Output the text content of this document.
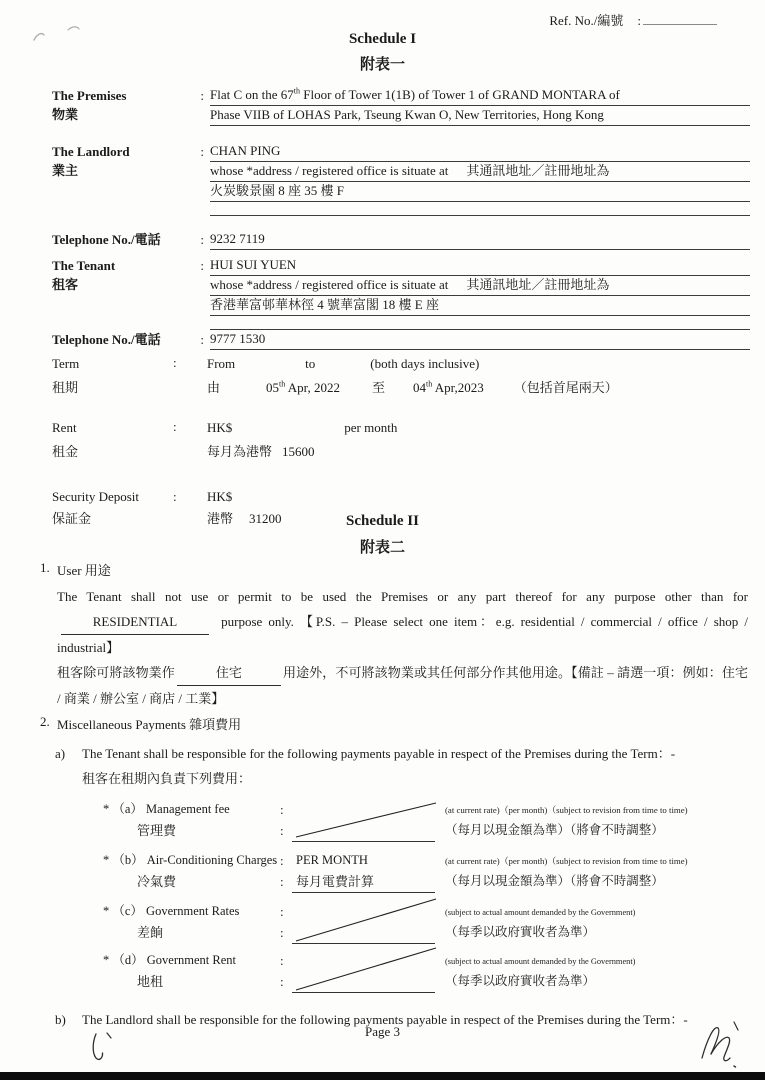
Ref. No./編號 :
Schedule I
附表一
The Premises
物業
: Flat C on the 67th Floor of Tower 1(1B) of Tower 1 of GRAND MONTARA of
Phase VIIB of LOHAS Park, Tseung Kwan O, New Territories, Hong Kong
The Landlord
業主
: CHAN PING
whose *address / registered office is situate at 其通訊地址／註冊地址為
火炭駿景園 8 座 35 樓 F
Telephone No./電話	: 9232 7119
The Tenant
租客
: HUI SUI YUEN
whose *address / registered office is situate at 其通訊地址／註冊地址為
香港華富邨華林徑 4 號華富閣 18 樓 E 座
Telephone No./電話	: 9777 1530
Term
租期
:	From	to	(both days inclusive)
由	05th Apr, 2022 至 04th Apr,2023 （包括首尾兩天）
Rent
租金
:	HK$	per month
每月為港幣 15600
Security Deposit
保証金
:	HK$
港幣 31200	Schedule II
附表二
1. User 用途
The Tenant shall not use or permit to be used the Premises or any part thereof for any purpose other than for RESIDENTIAL	purpose only. 【P.S. – Please select one item：e.g. residential / commercial / office / shop / industrial】
租客除可將該物業作	住宅	用途外，不可將該物業或其任何部分作其他用途。【備註 – 請選一項：例如：住宅 / 商業 / 辦公室 / 商店 / 工業】
2. Miscellaneous Payments 雜項費用
a)	The Tenant shall be responsible for the following payments payable in respect of the Premises during the Term：-
租客在租期內負責下列費用：
* （a） Management fee
管理費
:
:
(at current rate)（per month)（subject to revision from time to time)
（每月以現金額為準）（將會不時調整）
* （b） Air-Conditioning Charges
冷氣費
:
:
PER MONTH
每月電費計算
(at current rate)（per month)（subject to revision from time to time)
（每月以現金額為準）（將會不時調整）
* （c） Government Rates
差餉
:
:
(subject to actual amount demanded by the Government)
（每季以政府實收者為準）
* （d） Government Rent
地租
:
:
(subject to actual amount demanded by the Government)
（每季以政府實收者為準）
b)	The Landlord shall be responsible for the following payments payable in respect of the Premises during the Term：-
Page 3
